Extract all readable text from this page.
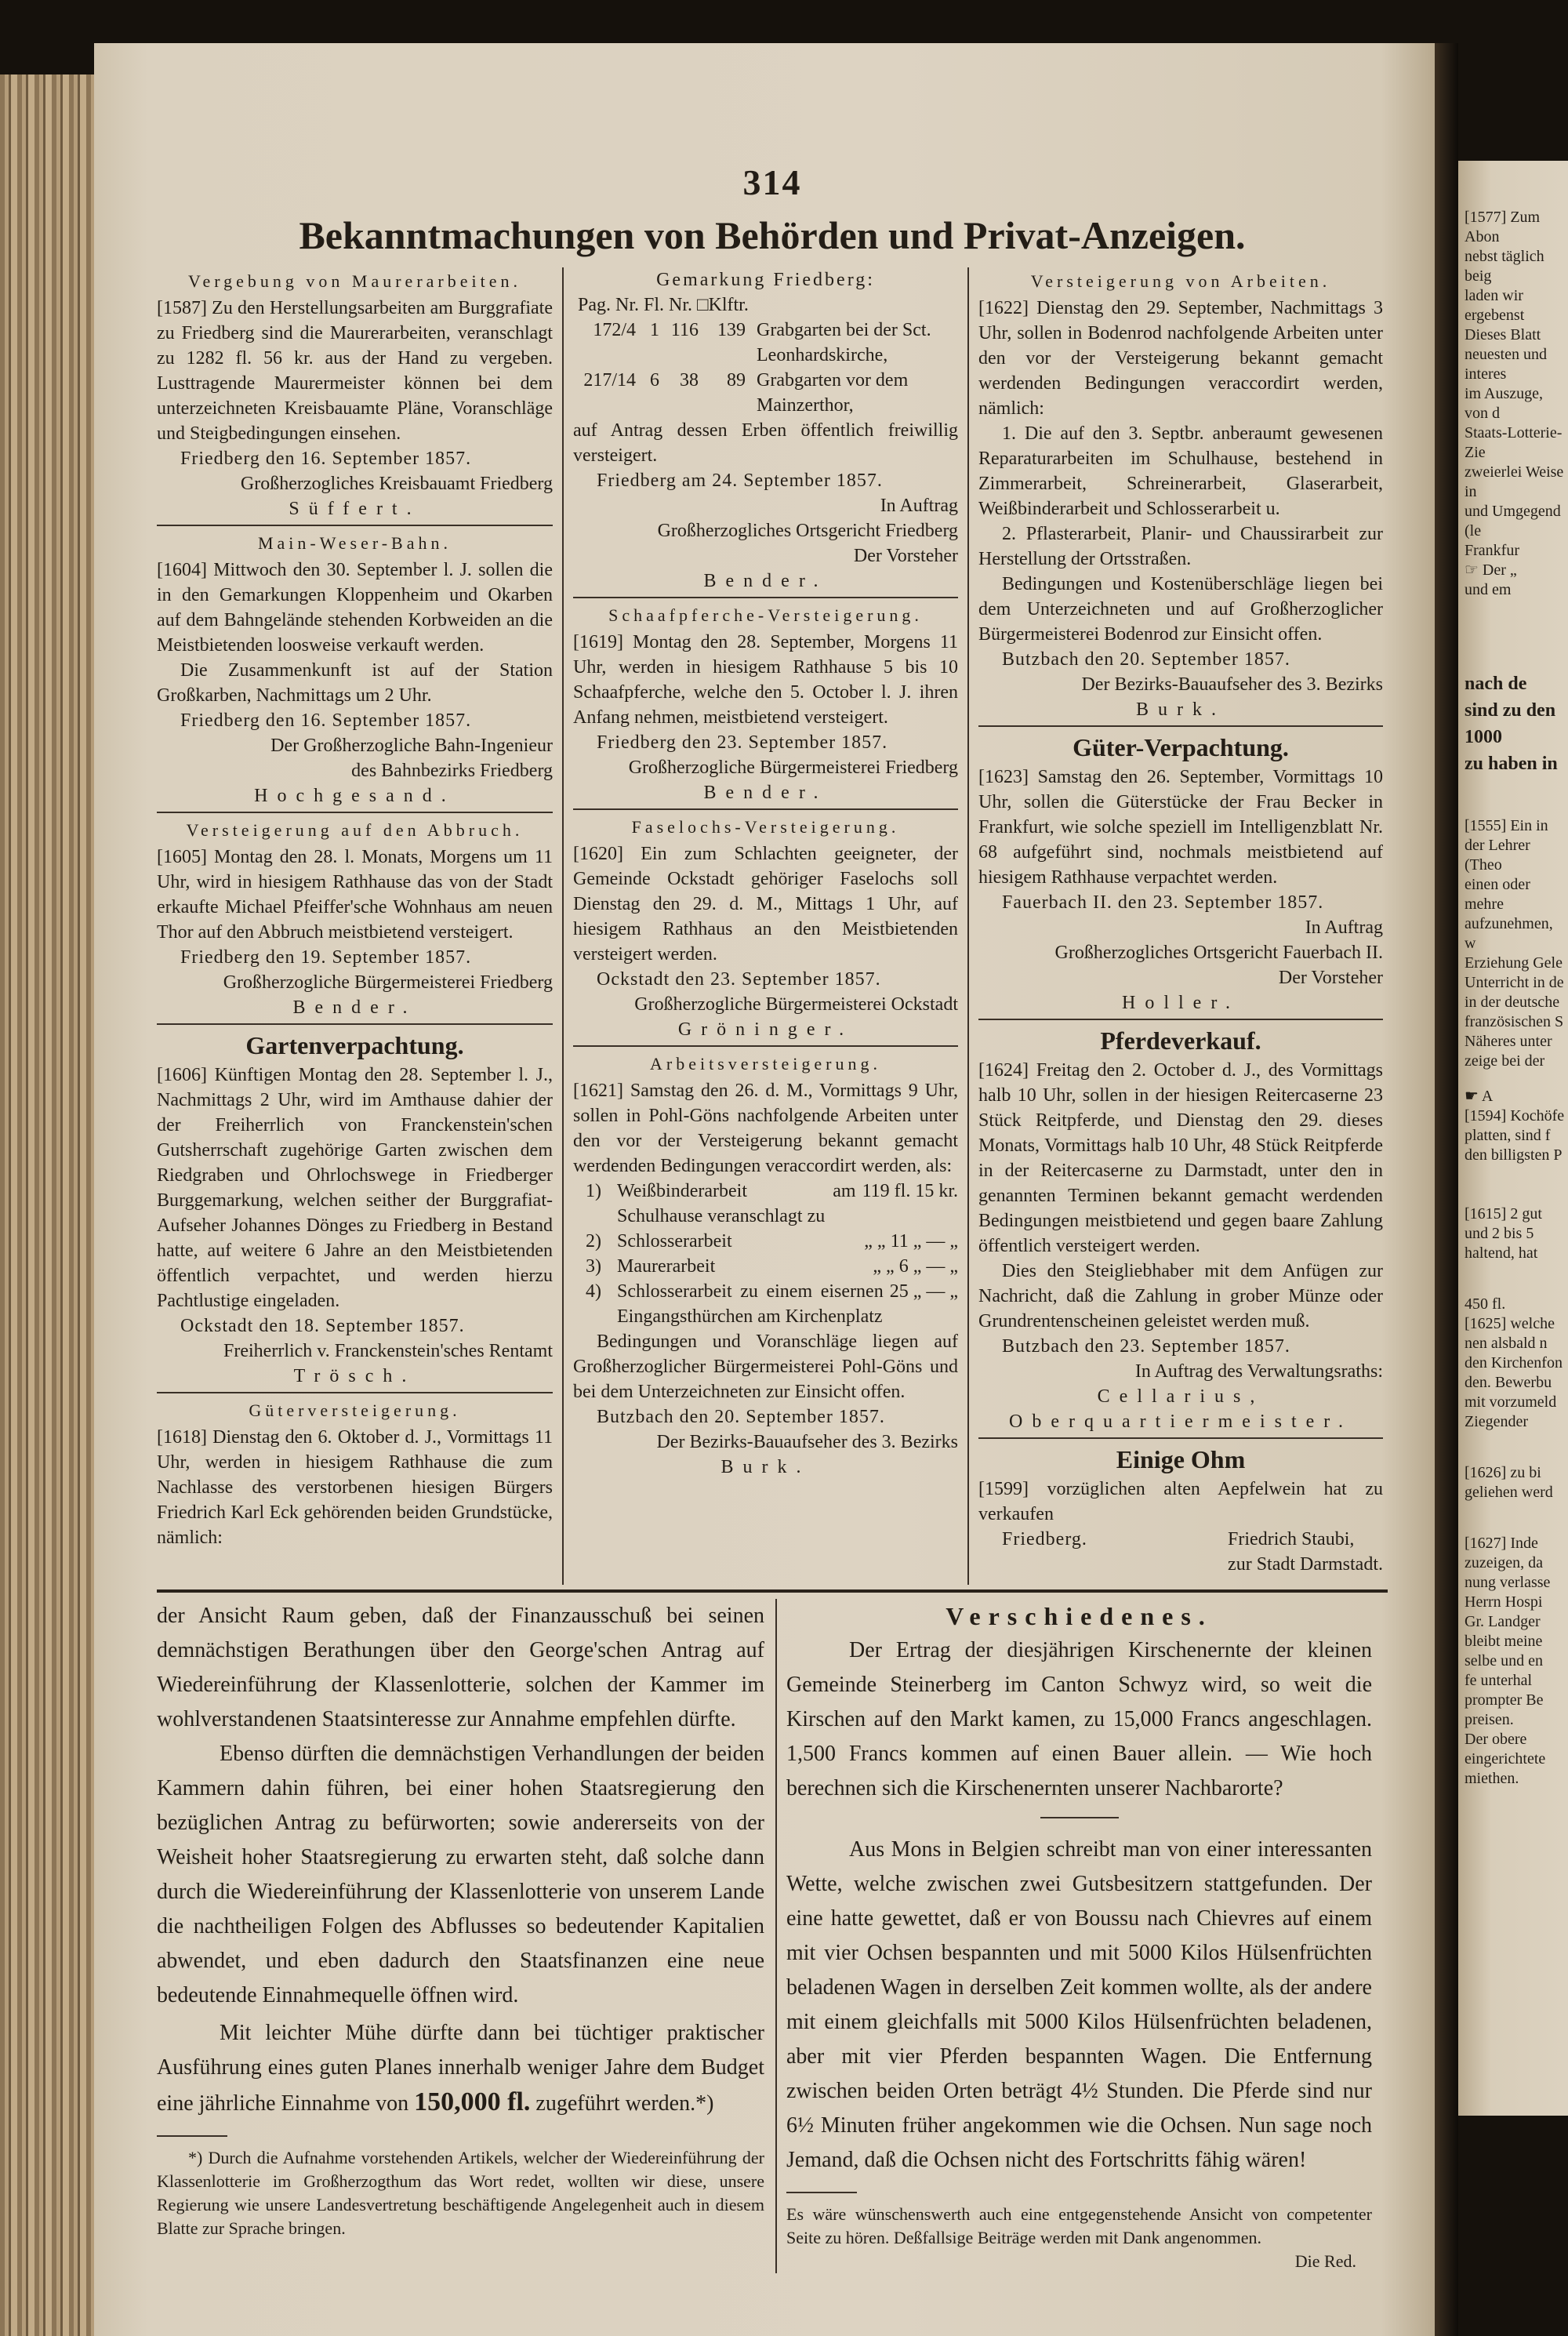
[1577] Zum Abon
nebst täglich beig
laden wir ergebenst
Dieses Blatt
neuesten und interes
im Auszuge, von d
Staats-Lotterie-Zie
zweierlei Weise in
und Umgegend (le
Frankfur
☞ Der „
und em
nach de
sind zu den
1000
zu haben in
[1555] Ein in
der Lehrer (Theo
einen oder mehre
aufzunehmen, w
Erziehung Gele
Unterricht in de
in der deutsche
französischen S
Näheres unter
zeige bei der
☛ A
[1594] Kochöfe
platten, sind f
den billigsten P
[1615] 2 gut
und 2 bis 5
haltend, hat
450 fl.
[1625] welche
nen alsbald n
den Kirchenfon
den. Bewerbu
mit vorzumeld
Ziegender
[1626] zu bi
geliehen werd
[1627] Inde
zuzeigen, da
nung verlasse
Herrn Hospi
Gr. Landger
bleibt meine
selbe und en
fe unterhal
prompter Be
preisen.
Der obere
eingerichtete
miethen.
314
Bekanntmachungen von Behörden und Privat-Anzeigen.
Vergebung von Maurerarbeiten.

[1587] Zu den Herstellungsarbeiten am Burggrafiate zu Friedberg sind die Maurerarbeiten, veranschlagt zu 1282 fl. 56 kr. aus der Hand zu vergeben. Lusttragende Maurermeister können bei dem unterzeichneten Kreisbauamte Pläne, Voranschläge und Steigbedingungen einsehen.

Friedberg den 16. September 1857.

Großherzogliches Kreisbauamt Friedberg

Süffert.

Main-Weser-Bahn.

[1604] Mittwoch den 30. September l. J. sollen die in den Gemarkungen Kloppenheim und Okarben auf dem Bahngelände stehenden Korbweiden an die Meistbietenden loosweise verkauft werden.

Die Zusammenkunft ist auf der Station Großkarben, Nachmittags um 2 Uhr.

Friedberg den 16. September 1857.

Der Großherzogliche Bahn-Ingenieur

des Bahnbezirks Friedberg

Hochgesand.

Versteigerung auf den Abbruch.

[1605] Montag den 28. l. Monats, Morgens um 11 Uhr, wird in hiesigem Rathhause das von der Stadt erkaufte Michael Pfeiffer'sche Wohnhaus am neuen Thor auf den Abbruch meistbietend versteigert.

Friedberg den 19. September 1857.

Großherzogliche Bürgermeisterei Friedberg

Bender.

Gartenverpachtung.

[1606] Künftigen Montag den 28. September l. J., Nachmittags 2 Uhr, wird im Amthause dahier der der Freiherrlich von Franckenstein'schen Gutsherrschaft zugehörige Garten zwischen dem Riedgraben und Ohrlochswege in Friedberger Burggemarkung, welchen seither der Burggrafiat-Aufseher Johannes Dönges zu Friedberg in Bestand hatte, auf weitere 6 Jahre an den Meistbietenden öffentlich verpachtet, und werden hierzu Pachtlustige eingeladen.

Ockstadt den 18. September 1857.

Freiherrlich v. Franckenstein'sches Rentamt

Trösch.

Güterversteigerung.

[1618] Dienstag den 6. Oktober d. J., Vormittags 11 Uhr, werden in hiesigem Rathhause die zum Nachlasse des verstorbenen hiesigen Bürgers Friedrich Karl Eck gehörenden beiden Grundstücke, nämlich:

Gemarkung Friedberg:
Pag. Nr. Fl. Nr. □Klftr.
172/4 1 116	139 Grabgarten bei der Sct. Leonhardskirche,
217/14 6	38	89 Grabgarten vor dem Mainzerthor,

auf Antrag dessen Erben öffentlich freiwillig versteigert.

Friedberg am 24. September 1857.

In Auftrag

Großherzogliches Ortsgericht Friedberg

Der Vorsteher

Bender.

Schaafpferche-Versteigerung.

[1619] Montag den 28. September, Morgens 11 Uhr, werden in hiesigem Rathhause 5 bis 10 Schaafpferche, welche den 5. October l. J. ihren Anfang nehmen, meistbietend versteigert.

Friedberg den 23. September 1857.

Großherzogliche Bürgermeisterei Friedberg

Bender.

Faselochs-Versteigerung.

[1620] Ein zum Schlachten geeigneter, der Gemeinde Ockstadt gehöriger Faselochs soll Dienstag den 29. d. M., Mittags 1 Uhr, auf hiesigem Rathhaus an den Meistbietenden versteigert werden.

Ockstadt den 23. September 1857.

Großherzogliche Bürgermeisterei Ockstadt

Gröninger.

Arbeitsversteigerung.

[1621] Samstag den 26. d. M., Vormittags 9 Uhr, sollen in Pohl-Göns nachfolgende Arbeiten unter den vor der Versteigerung bekannt gemacht werdenden Bedingungen veraccordirt werden, als:

1) Weißbinderarbeit am Schulhause veranschlagt zu
119 fl. 15 kr.
2) Schlosserarbeit	„ „ 11 „ — „
3) Maurerarbeit	„ „ 6 „ — „
4) Schlosserarbeit zu einem eisernen Eingangsthürchen am Kirchenplatz
25 „ — „

Bedingungen und Voranschläge liegen auf Großherzoglicher Bürgermeisterei Pohl-Göns und bei dem Unterzeichneten zur Einsicht offen.

Butzbach den 20. September 1857.

Der Bezirks-Bauaufseher des 3. Bezirks

Burk.

Versteigerung von Arbeiten.

[1622] Dienstag den 29. September, Nachmittags 3 Uhr, sollen in Bodenrod nachfolgende Arbeiten unter den vor der Versteigerung bekannt gemacht werdenden Bedingungen veraccordirt werden, nämlich:

1. Die auf den 3. Septbr. anberaumt gewesenen Reparaturarbeiten im Schulhause, bestehend in Zimmerarbeit, Schreinerarbeit, Glaserarbeit, Weißbinderarbeit und Schlosserarbeit u.

2. Pflasterarbeit, Planir- und Chaussirarbeit zur Herstellung der Ortsstraßen.

Bedingungen und Kostenüberschläge liegen bei dem Unterzeichneten und auf Großherzoglicher Bürgermeisterei Bodenrod zur Einsicht offen.

Butzbach den 20. September 1857.

Der Bezirks-Bauaufseher des 3. Bezirks

Burk.

Güter-Verpachtung.

[1623] Samstag den 26. September, Vormittags 10 Uhr, sollen die Güterstücke der Frau Becker in Frankfurt, wie solche speziell im Intelligenzblatt Nr. 68 aufgeführt sind, nochmals meistbietend auf hiesigem Rathhause verpachtet werden.

Fauerbach II. den 23. September 1857.

In Auftrag

Großherzogliches Ortsgericht Fauerbach II.

Der Vorsteher

Holler.

Pferdeverkauf.

[1624] Freitag den 2. October d. J., des Vormittags halb 10 Uhr, sollen in der hiesigen Reitercaserne 23 Stück Reitpferde, und Dienstag den 29. dieses Monats, Vormittags halb 10 Uhr, 48 Stück Reitpferde in der Reitercaserne zu Darmstadt, unter den in genannten Terminen bekannt gemacht werdenden Bedingungen meistbietend und gegen baare Zahlung öffentlich versteigert werden.

Dies den Steigliebhaber mit dem Anfügen zur Nachricht, daß die Zahlung in grober Münze oder Grundrentenscheinen geleistet werden muß.

Butzbach den 23. September 1857.

In Auftrag des Verwaltungsraths:

Cellarius, Oberquartiermeister.

Einige Ohm

[1599] vorzüglichen alten Aepfelwein hat zu verkaufen

Friedberg.	Friedrich Staubi,
zur Stadt Darmstadt.

der Ansicht Raum geben, daß der Finanzausschuß bei seinen demnächstigen Berathungen über den George'schen Antrag auf Wiedereinführung der Klassenlotterie, solchen der Kammer im wohlverstandenen Staatsinteresse zur Annahme empfehlen dürfte.

Ebenso dürften die demnächstigen Verhandlungen der beiden Kammern dahin führen, bei einer hohen Staatsregierung den bezüglichen Antrag zu befürworten; sowie andererseits von der Weisheit hoher Staatsregierung zu erwarten steht, daß solche dann durch die Wiedereinführung der Klassenlotterie von unserem Lande die nachtheiligen Folgen des Abflusses so bedeutender Kapitalien abwendet, und eben dadurch den Staatsfinanzen eine neue bedeutende Einnahmequelle öffnen wird.

Mit leichter Mühe dürfte dann bei tüchtiger praktischer Ausführung eines guten Planes innerhalb weniger Jahre dem Budget eine jährliche Einnahme von 150,000 fl. zugeführt werden.*)

*) Durch die Aufnahme vorstehenden Artikels, welcher der Wiedereinführung der Klassenlotterie im Großherzogthum das Wort redet, wollten wir diese, unsere Regierung wie unsere Landesvertretung beschäftigende Angelegenheit auch in diesem Blatte zur Sprache bringen.

Verschiedenes.

Der Ertrag der diesjährigen Kirschenernte der kleinen Gemeinde Steinerberg im Canton Schwyz wird, so weit die Kirschen auf den Markt kamen, zu 15,000 Francs angeschlagen. 1,500 Francs kommen auf einen Bauer allein. — Wie hoch berechnen sich die Kirschenernten unserer Nachbarorte?

Aus Mons in Belgien schreibt man von einer interessanten Wette, welche zwischen zwei Gutsbesitzern stattgefunden. Der eine hatte gewettet, daß er von Boussu nach Chievres auf einem mit vier Ochsen bespannten und mit 5000 Kilos Hülsenfrüchten beladenen Wagen in derselben Zeit kommen wollte, als der andere mit einem gleichfalls mit 5000 Kilos Hülsenfrüchten beladenen, aber mit vier Pferden bespannten Wagen. Die Entfernung zwischen beiden Orten beträgt 4½ Stunden. Die Pferde sind nur 6½ Minuten früher angekommen wie die Ochsen. Nun sage noch Jemand, daß die Ochsen nicht des Fortschritts fähig wären!

Es wäre wünschenswerth auch eine entgegenstehende Ansicht von competenter Seite zu hören. Deßfallsige Beiträge werden mit Dank angenommen.

Die Red.
